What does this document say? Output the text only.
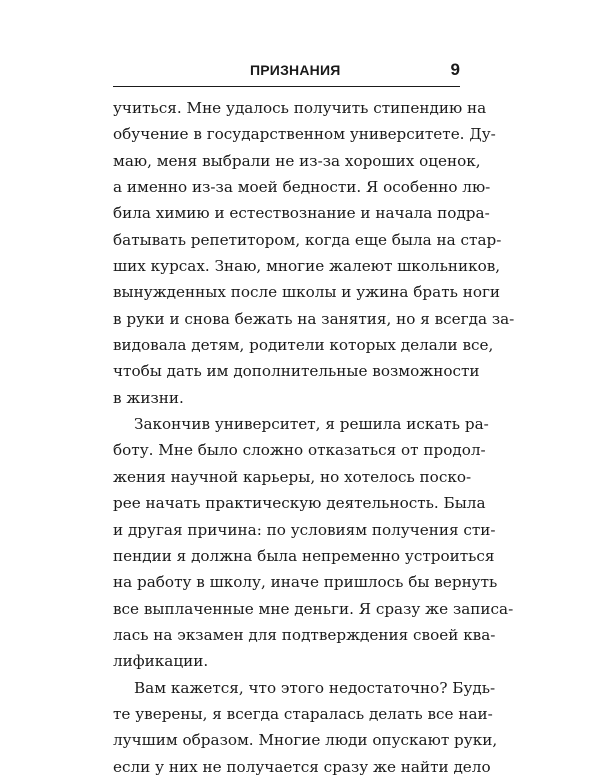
ПРИЗНАНИЯ	9
учиться. Мне удалось получить стипендию на
обучение в государственном университете. Ду-
маю, меня выбрали не из-за хороших оценок,
а именно из-за моей бедности. Я особенно лю-
била химию и естествознание и начала подра-
батывать репетитором, когда еще была на стар-
ших курсах. Знаю, многие жалеют школьников,
вынужденных после школы и ужина брать ноги
в руки и снова бежать на занятия, но я всегда за-
видовала детям, родители которых делали все,
чтобы дать им дополнительные возможности
в жизни.
Закончив университет, я решила искать ра-
боту. Мне было сложно отказаться от продол-
жения научной карьеры, но хотелось поско-
рее начать практическую деятельность. Была
и другая причина: по условиям получения сти-
пендии я должна была непременно устроиться
на работу в школу, иначе пришлось бы вернуть
все выплаченные мне деньги. Я сразу же записа-
лась на экзамен для подтверждения своей ква-
лификации.
Вам кажется, что этого недостаточно? Будь-
те уверены, я всегда старалась делать все наи-
лучшим образом. Многие люди опускают руки,
если у них не получается сразу же найти дело
